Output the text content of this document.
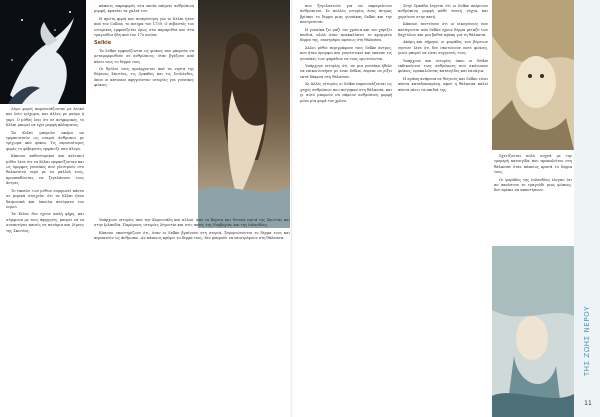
Λίγοι φορές παρουσιάζονταν με λευκό και λείο τρίχωμα, και άλλες με μαύρο ή γκρί. Ο μύθος λέει ότι σε ανηφορικές, το Κέλπι μπορεί να έχει μορφή πλάσματος.

Τα Κέλπι μπορούν ακόμα να εμφανιστούν ως νεαροί άνθρωποι με τρίχωμα από φύκια. Τις περισσότερες φορές το φόβεροτες εμφάνιζε σαν άλογο.

Κάποιοι καθοστορικοί και κελτικοί μύθοι λένε ότι τα Κέλπι εμφανίζονταν και ως όμορφες γυναίκες που γλιστρούν στο θαλασσινό νερό με τα μαλλιά τους, προσπαθώντας να ξεγελάσουν τους άντρες.

Το ταπείνι των μύθων συμφωνεί πάντα σε μερικά στοιχεία: ότι τα Κέλπι ήταν δαιμονικά και ύπουλα πνεύματα του νερού.

Τα Κέλπι δεν έχουν καλή φήμη, και σύμφωνα με τους αφηγητές, μπορεί να τα συναντήσει κανείς σε ποτάμια και λίμνες της Σκωτίας.

κάποιες παραφορές στα οποία παίρνει ανθρώπινη μορφή, κρατάει τα χαλιά του.

Η πρώτη φορά που αναγέννηση για το Κέλπι ήταν από τον Collins, το ποίημα του 1759. Ο σεβαστός του ιστορικός εμφανίζεται όμως στα παραμύθια και στα τραγούδια ήδη από τον 17ο αιώνα.

Selkie

Τα Selkie εμφανίζονται ως φώκιες που μπορούν να μεταμορφωθούν σε ανθρώπους, όταν βγάζουν από πάνω τους το δέρμα τους.

Οι θρύλοι τους προέρχονται από τα νησιά της Βόρειας Σκωτίας, τις Ορκάδες και τις Σετλάνδες, όπου οι κάτοικοι αφηγούνταν ιστορίες για γυναίκες φώκιες.

Υπάρχουν ιστορίες από την Κορνουάλη και αλλού, από τα Βόρεια και δυτικά νησιά της Σκωτίας και στην Ιρλανδία. Παρόμοιες ιστορίες λέγονται και στις ακτές της Νορβηγίας και της Ισλανδίας.

Κάποιοι υποστηρίζουν ότι, όταν οι Selkie βγαίνουν στη στεριά, ξεφορτώνονται το δέρμα τους και περπατούν ως άνθρωποι. Αν κάποιος κρύψει το δέρμα τους, δεν μπορούν να επιστρέψουν στη θάλασσα.

που ξεγελαστούν για να παραμείνουν ανθρώπινοι. Σε πολλές ιστορίες ένας άντρας βρίσκει το δέρμα μιας γυναίκας Selkie και την παντρεύεται.

Η γυναίκα ζει μαζί του χρόνια και του χαρίζει παιδιά, αλλά όταν ανακαλύπτει το κρυμμένο δέρμα της, επιστρέφει αμέσως στη θάλασσα.

Άλλοι μύθοι περιγράφουν τους Selkie άντρες, που ήταν όμορφοι και γοητευτικοί και έκαναν τις γυναίκες των ψαράδων να τους ερωτεύονται.

Υπάρχουν ιστορίες ότι, αν μια γυναίκα ήθελε να επικοινωνήσει με έναν Selkie, έπρεπε να ρίξει επτά δάκρυα στη θάλασσα.

Σε άλλες ιστορίες οι Selkie παρουσιάζονται ως ψυχές ανθρώπων που πνίγηκαν στη θάλασσα, και γι αυτό μπορούν να πάρουν ανθρώπινη μορφή μόνο μία φορά τον χρόνο.

Στην Ορκάδα λέγεται ότι οι Selkie παίρνουν ανθρώπινη μορφή κάθε ένατη νύχτα και χορεύουν στην ακτή.

Κάποιοι πιστεύουν ότι οι οικογένειες που κατάγονται από Selkie έχουν δέρμα μεταξύ των δαχτύλων και μια βαθιά αγάπη για τη θάλασσα.

Ακόμη και σήμερα, οι ψαράδες των βόρειων νησιών λένε ότι δεν σκοτώνουν ποτέ φώκιες, γιατί μπορεί να είναι συγγενείς τους.

Υπάρχουν και ιστορίες όπου οι Selkie εκδικούνται τους ανθρώπους που σκότωσαν φώκιες, προκαλώντας καταιγίδες και ναυάγια.

Η αγάπη ανάμεσα σε θνητούς και Selkie είναι πάντα καταδικασμένη, αφού η θάλασσα καλεί πάντα πίσω τα παιδιά της.

Σχετίζονται πολύ συχνά με την τρομερή καταιγίδα που προκαλείται στη θάλασσα όταν κάποιος κρατά το δέρμα τους.

Οι ψαράδες της Ισλανδίας έλεγαν ότι αν ακούσουν το τραγούδι μιας φώκιας, δεν πρέπει να απαντήσουν.

ΤΗΣ ΖΩΗΣ ΝΕΡΟΥ
11
